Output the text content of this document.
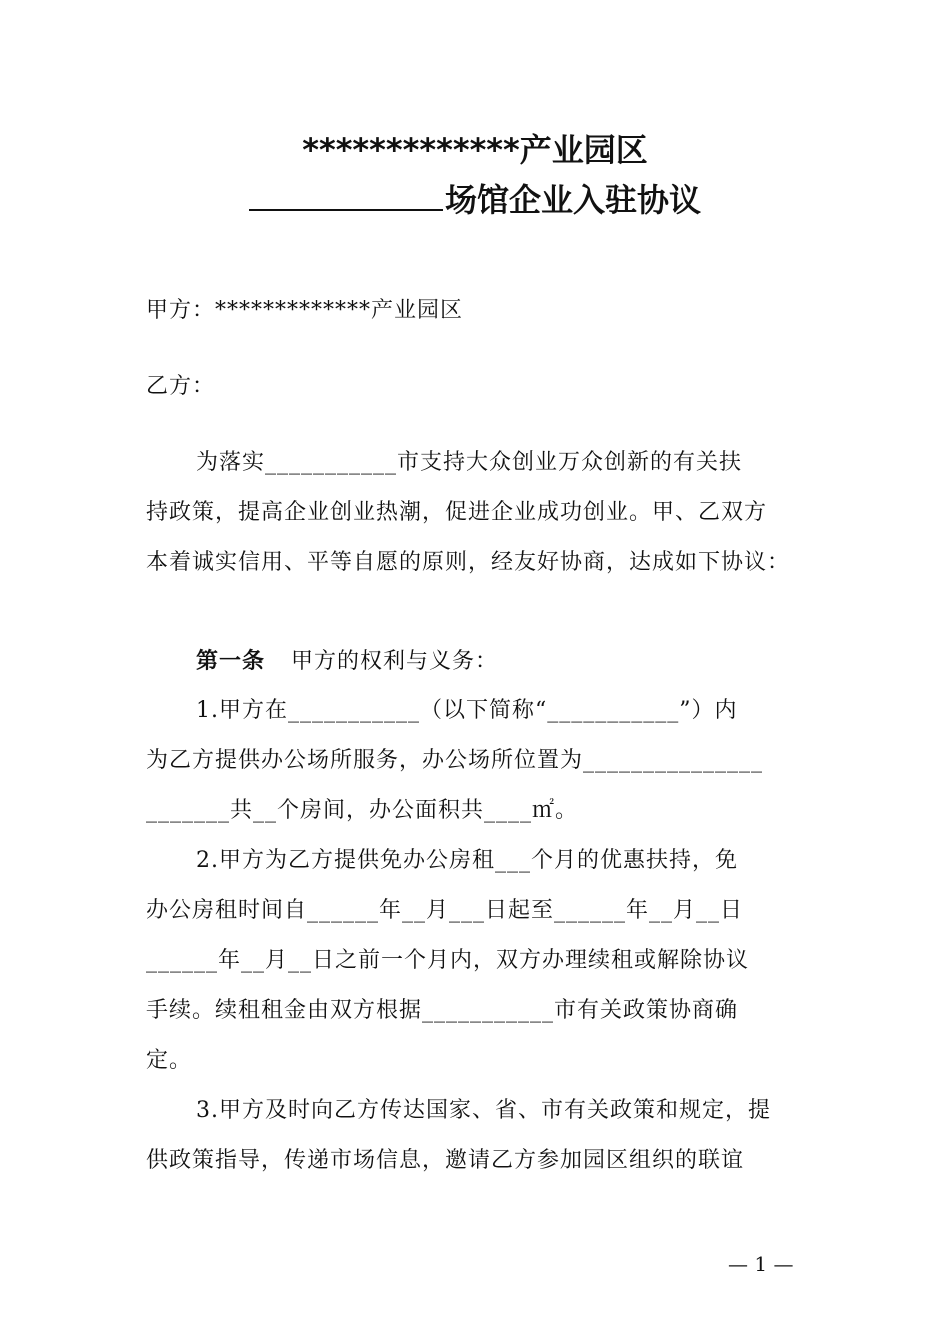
*************产业园区
场馆企业入驻协议
甲方：*************产业园区
乙方：
为落实___________市支持大众创业万众创新的有关扶
持政策，提高企业创业热潮，促进企业成功创业。甲、乙双方
本着诚实信用、平等自愿的原则，经友好协商，达成如下协议：
第一条 甲方的权利与义务：
1.甲方在___________（以下简称“___________”）内
为乙方提供办公场所服务，办公场所位置为_______________
_______共__个房间，办公面积共____㎡。
2.甲方为乙方提供免办公房租___个月的优惠扶持，免
办公房租时间自______年__月___日起至______年__月__日
______年__月__日之前一个月内，双方办理续租或解除协议
手续。续租租金由双方根据___________市有关政策协商确
定。
3.甲方及时向乙方传达国家、省、市有关政策和规定，提
供政策指导，传递市场信息，邀请乙方参加园区组织的联谊
— 1 —
